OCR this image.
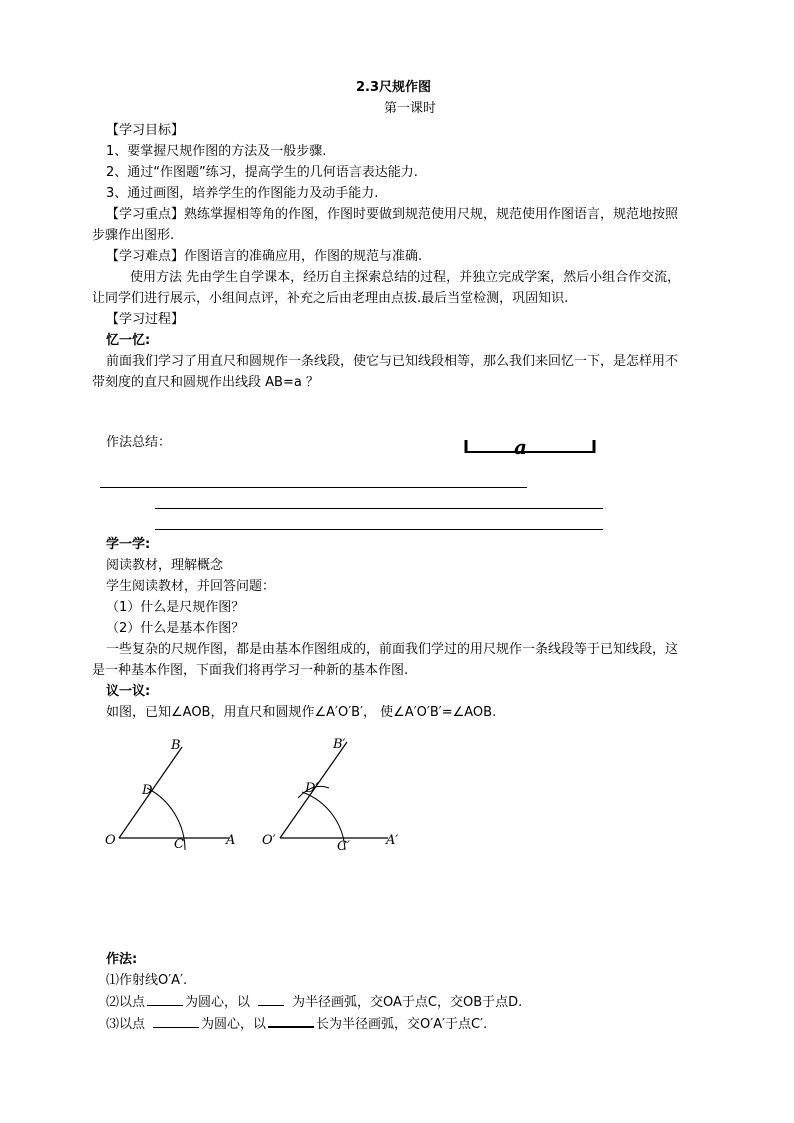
2.3尺规作图
第一课时
【学习目标】
1、要掌握尺规作图的方法及一般步骤.
2、通过“作图题”练习，提高学生的几何语言表达能力.
3、通过画图，培养学生的作图能力及动手能力.
【学习重点】熟练掌握相等角的作图，作图时要做到规范使用尺规，规范使用作图语言，规范地按照
步骤作出图形.
【学习难点】作图语言的准确应用，作图的规范与准确.
使用方法 先由学生自学课本，经历自主探索总结的过程，并独立完成学案，然后小组合作交流，
让同学们进行展示，小组间点评，补充之后由老理由点拔.最后当堂检测，巩固知识.
【学习过程】
忆一忆:
前面我们学习了用直尺和圆规作一条线段，使它与已知线段相等，那么我们来回忆一下，是怎样用不
带刻度的直尺和圆规作出线段 AB=a ？
作法总结：	a
学一学:
阅读教材，理解概念
学生阅读教材，并回答问题：
（1）什么是尺规作图？
（2）什么是基本作图？
一些复杂的尺规作图，都是由基本作图组成的，前面我们学过的用尺规作一条线段等于已知线段，这
是一种基本作图，下面我们将再学习一种新的基本作图.
议一议:
如图，已知∠AOB，用直尺和圆规作∠A′O′B′， 使∠A′O′B′=∠AOB.
O	A
B
C
D
O′	A′
B′
C′
D′
作法:
⑴作射线O′A′.
⑵以点	为圆心，以	为半径画弧，交OA于点C，交OB于点D.
⑶以点	为圆心，以	长为半径画弧，交O′A′于点C′.
